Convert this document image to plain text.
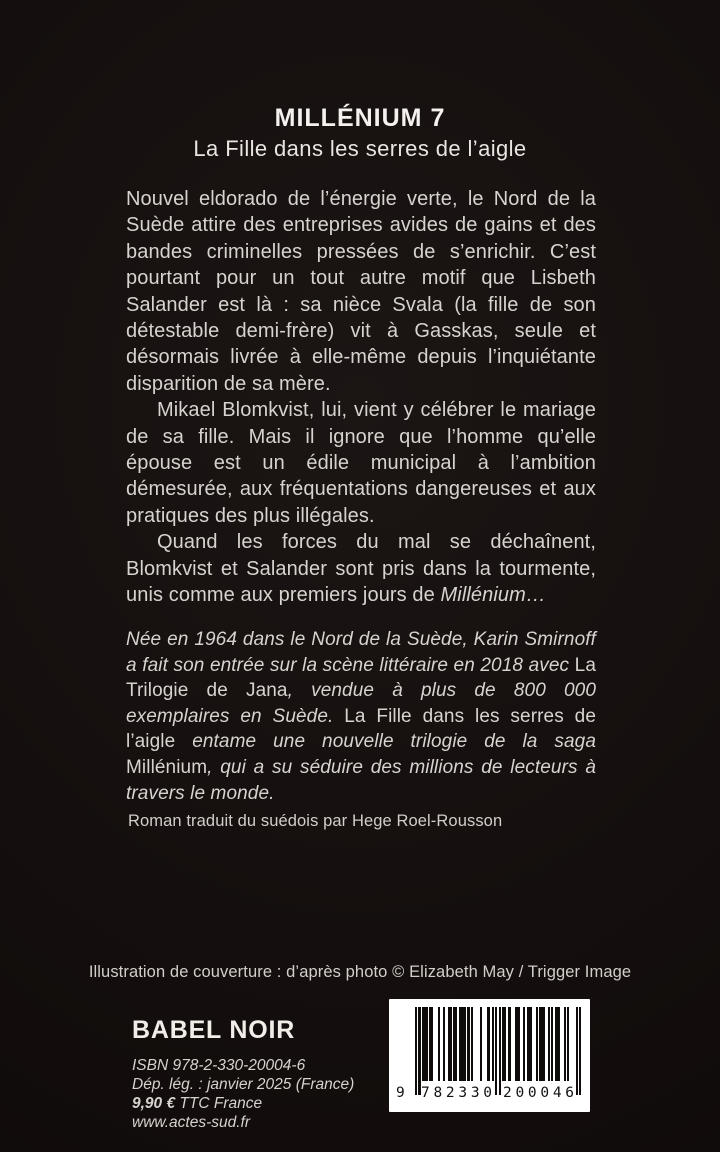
MILLÉNIUM 7
La Fille dans les serres de l’aigle

Nouvel eldorado de l’énergie verte, le Nord de la Suède attire des entreprises avides de gains et des bandes criminelles pressées de s’enrichir. C’est pourtant pour un tout autre motif que Lisbeth Salander est là : sa nièce Svala (la fille de son détestable demi-frère) vit à Gasskas, seule et désormais livrée à elle-même depuis l’inquiétante disparition de sa mère.

Mikael Blomkvist, lui, vient y célébrer le mariage de sa fille. Mais il ignore que l’homme qu’elle épouse est un édile municipal à l’ambition démesurée, aux fréquentations dangereuses et aux pratiques des plus illégales.

Quand les forces du mal se déchaînent, Blomkvist et Salander sont pris dans la tourmente, unis comme aux premiers jours de Millénium…

Née en 1964 dans le Nord de la Suède, Karin Smirnoff a fait son entrée sur la scène littéraire en 2018 avec La Trilogie de Jana, vendue à plus de 800 000 exemplaires en Suède. La Fille dans les serres de l’aigle entame une nouvelle trilogie de la saga Millénium, qui a su séduire des millions de lecteurs à travers le monde.

Roman traduit du suédois par Hege Roel-Rousson

Illustration de couverture : d’après photo © Elizabeth May / Trigger Image

BABEL NOIR
ISBN 978-2-330-20004-6
Dép. lég. : janvier 2025 (France)
9,90 € TTC France
www.actes-sud.fr
9 7 8 2 3 3 0 2 0 0 0 4 6
